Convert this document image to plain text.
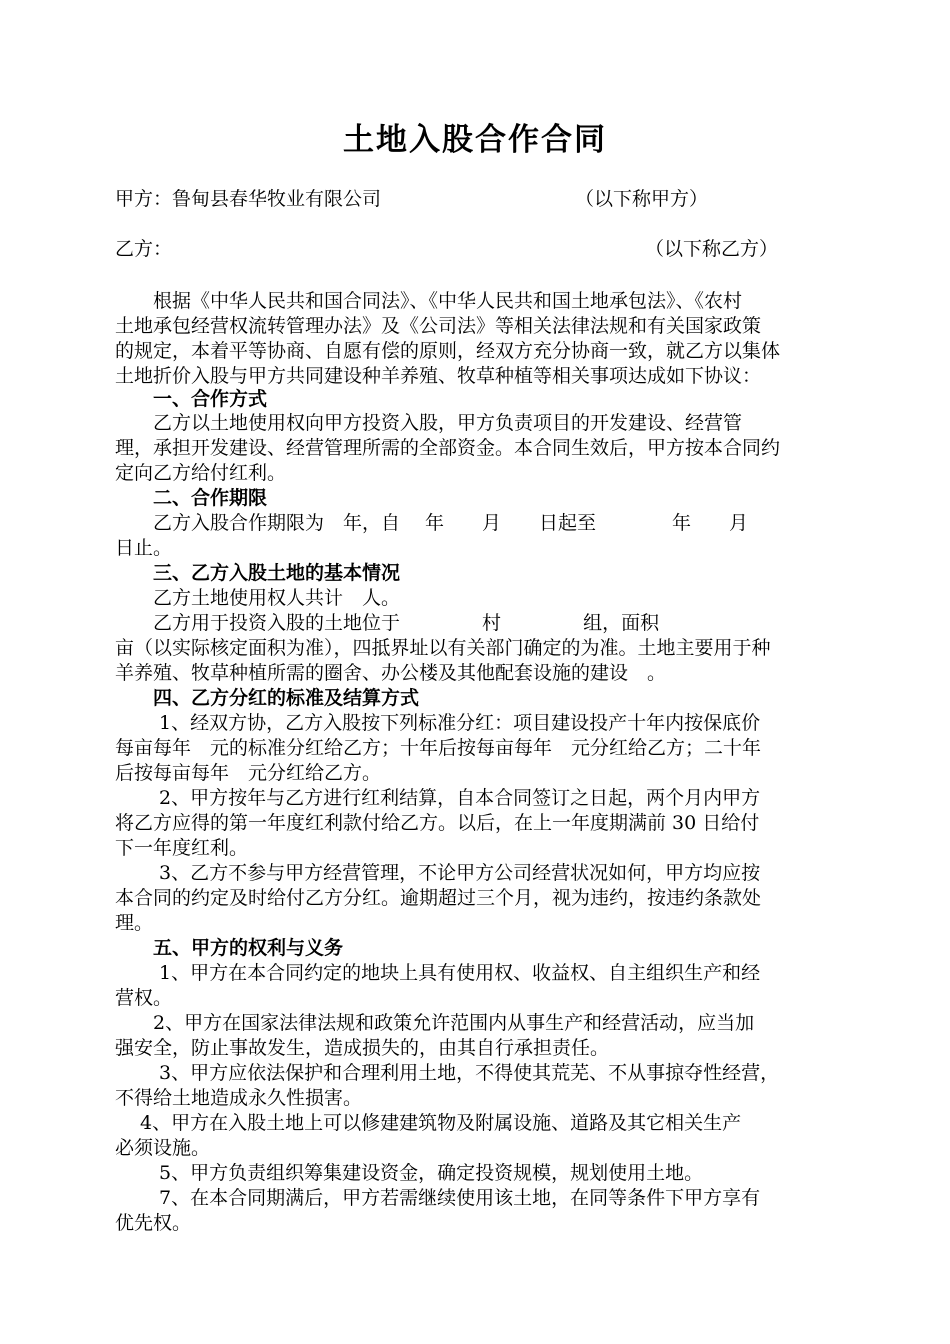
土地入股合作合同
甲方：鲁甸县春华牧业有限公司	（以下称甲方）
乙方：	（以下称乙方）
　　根据《中华人民共和国合同法》、《中华人民共和国土地承包法》、《农村
土地承包经营权流转管理办法》及《公司法》等相关法律法规和有关国家政策
的规定，本着平等协商、自愿有偿的原则，经双方充分协商一致，就乙方以集体
土地折价入股与甲方共同建设种羊养殖、牧草种植等相关事项达成如下协议：
　　一、合作方式
　　乙方以土地使用权向甲方投资入股，甲方负责项目的开发建设、经营管
理，承担开发建设、经营管理所需的全部资金。本合同生效后，甲方按本合同约
定向乙方给付红利。
　　二、合作期限
　　乙方入股合作期限为　年，自　 年　　月　　日起至　　　　年　　月
日止。
　　三、乙方入股土地的基本情况
　　乙方土地使用权人共计　人。
　　乙方用于投资入股的土地位于　　　　 村　　　　 组，面积
亩（以实际核定面积为准），四抵界址以有关部门确定的为准。土地主要用于种
羊养殖、牧草种植所需的圈舍、办公楼及其他配套设施的建设　。
　　四、乙方分红的标准及结算方式
　　 1、经双方协，乙方入股按下列标准分红：项目建设投产十年内按保底价
每亩每年　元的标准分红给乙方；十年后按每亩每年　元分红给乙方；二十年
后按每亩每年　元分红给乙方。
　　 2、甲方按年与乙方进行红利结算，自本合同签订之日起，两个月内甲方
将乙方应得的第一年度红利款付给乙方。以后，在上一年度期满前 30 日给付
下一年度红利。
　　 3、乙方不参与甲方经营管理，不论甲方公司经营状况如何，甲方均应按
本合同的约定及时给付乙方分红。逾期超过三个月，视为违约，按违约条款处
理。
　　五、甲方的权利与义务
　　 1、甲方在本合同约定的地块上具有使用权、收益权、自主组织生产和经
营权。
　　2、甲方在国家法律法规和政策允许范围内从事生产和经营活动，应当加
强安全，防止事故发生，造成损失的，由其自行承担责任。
　　 3、甲方应依法保护和合理利用土地，不得使其荒芜、不从事掠夺性经营，
不得给土地造成永久性损害。
　 4、甲方在入股土地上可以修建建筑物及附属设施、道路及其它相关生产
必须设施。
　　 5、甲方负责组织筹集建设资金，确定投资规模，规划使用土地。
　　 7、在本合同期满后，甲方若需继续使用该土地，在同等条件下甲方享有
优先权。
